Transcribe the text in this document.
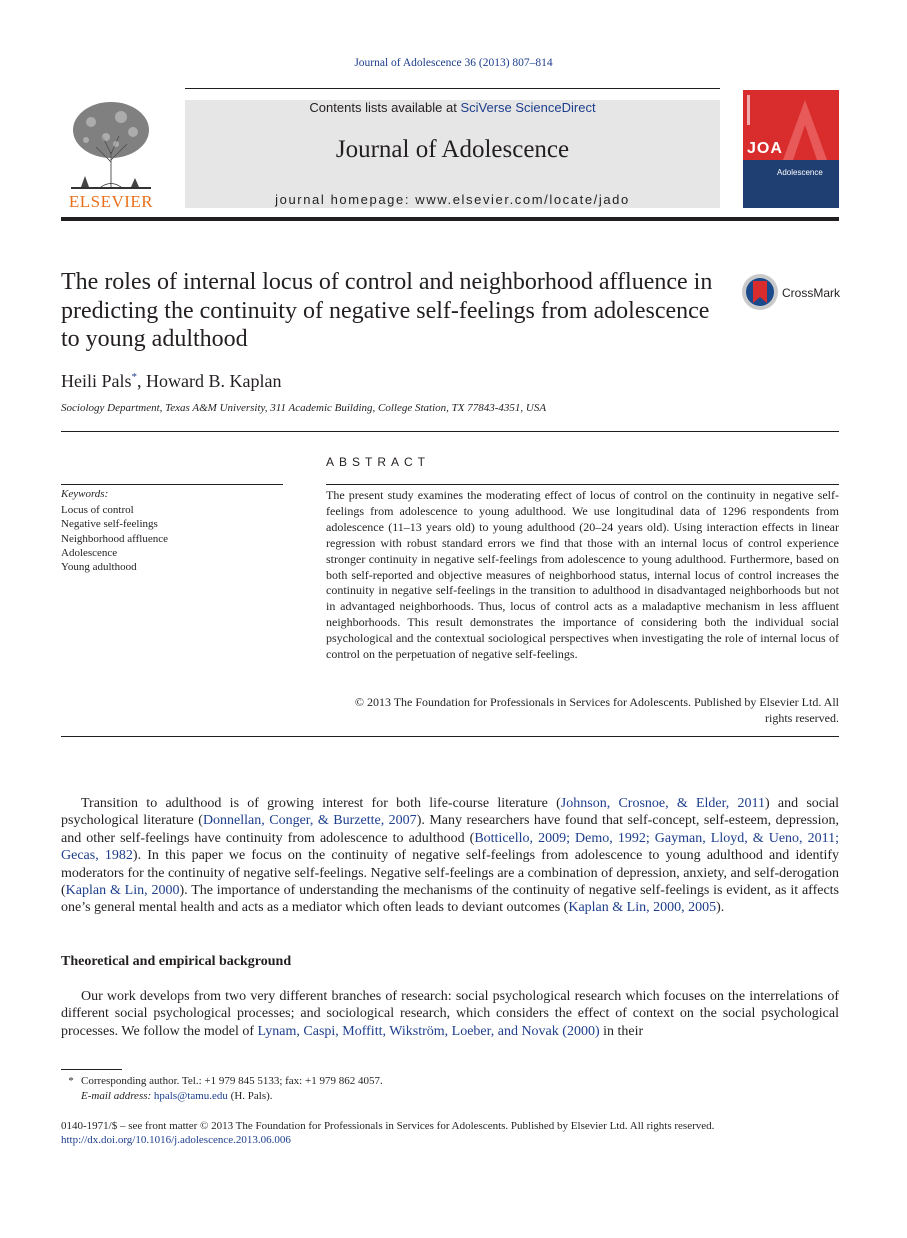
Journal of Adolescence 36 (2013) 807–814
ELSEVIER
Contents lists available at SciVerse ScienceDirect
Journal of Adolescence
journal homepage: www.elsevier.com/locate/jado
JOA
Adolescence
The roles of internal locus of control and neighborhood affluence in predicting the continuity of negative self-feelings from adolescence to young adulthood
CrossMark
Heili Pals*, Howard B. Kaplan
Sociology Department, Texas A&M University, 311 Academic Building, College Station, TX 77843-4351, USA
Keywords:
Locus of control
Negative self-feelings
Neighborhood affluence
Adolescence
Young adulthood
ABSTRACT

The present study examines the moderating effect of locus of control on the continuity in negative self-feelings from adolescence to young adulthood. We use longitudinal data of 1296 respondents from adolescence (11–13 years old) to young adulthood (20–24 years old). Using interaction effects in linear regression with robust standard errors we find that those with an internal locus of control experience stronger continuity in negative self-feelings from adolescence to young adulthood. Furthermore, based on both self-reported and objective measures of neighborhood status, internal locus of control increases the continuity in negative self-feelings in the transition to adulthood in disadvantaged neighborhoods but not in advantaged neighborhoods. Thus, locus of control acts as a maladaptive mechanism in less affluent neighborhoods. This result demonstrates the importance of considering both the individual social psychological and the contextual sociological perspectives when investigating the role of internal locus of control on the perpetuation of negative self-feelings.

© 2013 The Foundation for Professionals in Services for Adolescents. Published by Elsevier Ltd. All rights reserved.

Transition to adulthood is of growing interest for both life-course literature (Johnson, Crosnoe, & Elder, 2011) and social psychological literature (Donnellan, Conger, & Burzette, 2007). Many researchers have found that self-concept, self-esteem, depression, and other self-feelings have continuity from adolescence to adulthood (Botticello, 2009; Demo, 1992; Gayman, Lloyd, & Ueno, 2011; Gecas, 1982). In this paper we focus on the continuity of negative self-feelings from adolescence to young adulthood and identify moderators for the continuity of negative self-feelings. Negative self-feelings are a combination of depression, anxiety, and self-derogation (Kaplan & Lin, 2000). The importance of understanding the mechanisms of the continuity of negative self-feelings is evident, as it affects one’s general mental health and acts as a mediator which often leads to deviant outcomes (Kaplan & Lin, 2000, 2005).

Theoretical and empirical background

Our work develops from two very different branches of research: social psychological research which focuses on the interrelations of different social psychological processes; and sociological research, which considers the effect of context on the social psychological processes. We follow the model of Lynam, Caspi, Moffitt, Wikström, Loeber, and Novak (2000) in their

* Corresponding author. Tel.: +1 979 845 5133; fax: +1 979 862 4057.
E-mail address: hpals@tamu.edu (H. Pals).
0140-1971/$ – see front matter © 2013 The Foundation for Professionals in Services for Adolescents. Published by Elsevier Ltd. All rights reserved.
http://dx.doi.org/10.1016/j.adolescence.2013.06.006
